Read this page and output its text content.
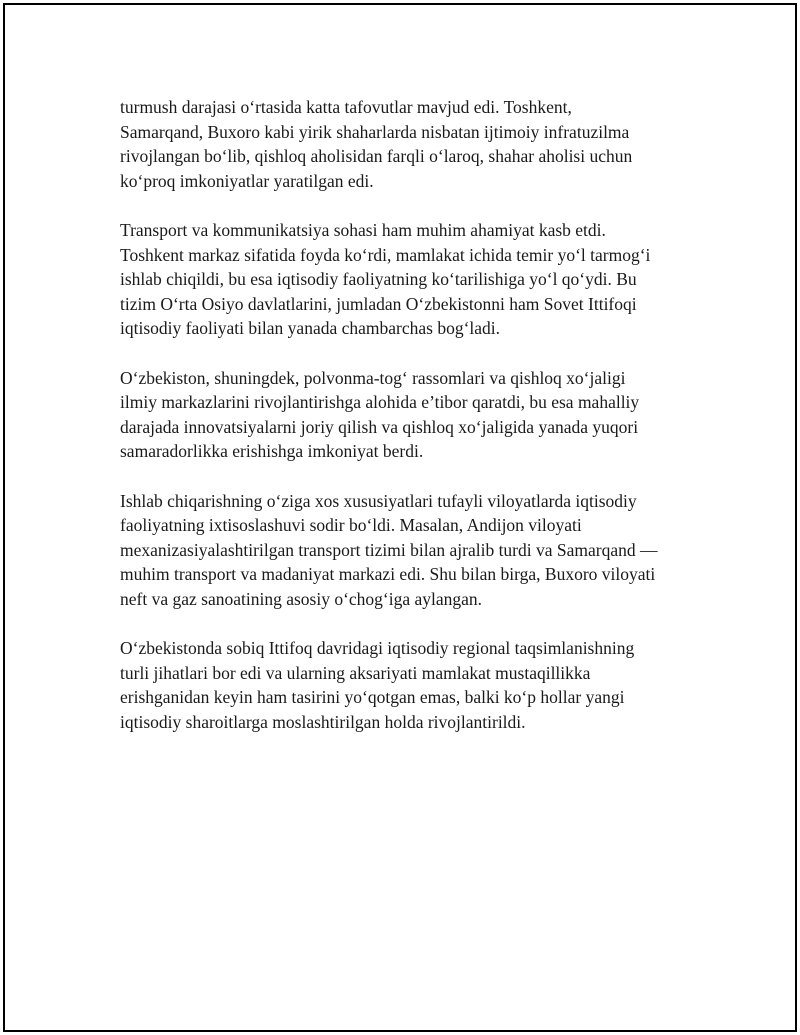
turmush darajasi o‘rtasida katta tafovutlar mavjud edi. Toshkent,
Samarqand, Buxoro kabi yirik shaharlarda nisbatan ijtimoiy infratuzilma
rivojlangan bo‘lib, qishloq aholisidan farqli o‘laroq, shahar aholisi uchun
ko‘proq imkoniyatlar yaratilgan edi.

Transport va kommunikatsiya sohasi ham muhim ahamiyat kasb etdi.
Toshkent markaz sifatida foyda ko‘rdi, mamlakat ichida temir yo‘l tarmog‘i
ishlab chiqildi, bu esa iqtisodiy faoliyatning ko‘tarilishiga yo‘l qo‘ydi. Bu
tizim O‘rta Osiyo davlatlarini, jumladan O‘zbekistonni ham Sovet Ittifoqi
iqtisodiy faoliyati bilan yanada chambarchas bog‘ladi.

O‘zbekiston, shuningdek, polvonma-tog‘ rassomlari va qishloq xo‘jaligi
ilmiy markazlarini rivojlantirishga alohida e’tibor qaratdi, bu esa mahalliy
darajada innovatsiyalarni joriy qilish va qishloq xo‘jaligida yanada yuqori
samaradorlikka erishishga imkoniyat berdi.

Ishlab chiqarishning o‘ziga xos xususiyatlari tufayli viloyatlarda iqtisodiy
faoliyatning ixtisoslashuvi sodir bo‘ldi. Masalan, Andijon viloyati
mexanizasiyalashtirilgan transport tizimi bilan ajralib turdi va Samarqand —
muhim transport va madaniyat markazi edi. Shu bilan birga, Buxoro viloyati
neft va gaz sanoatining asosiy o‘chog‘iga aylangan.

O‘zbekistonda sobiq Ittifoq davridagi iqtisodiy regional taqsimlanishning
turli jihatlari bor edi va ularning aksariyati mamlakat mustaqillikka
erishganidan keyin ham tasirini yo‘qotgan emas, balki ko‘p hollar yangi
iqtisodiy sharoitlarga moslashtirilgan holda rivojlantirildi.
